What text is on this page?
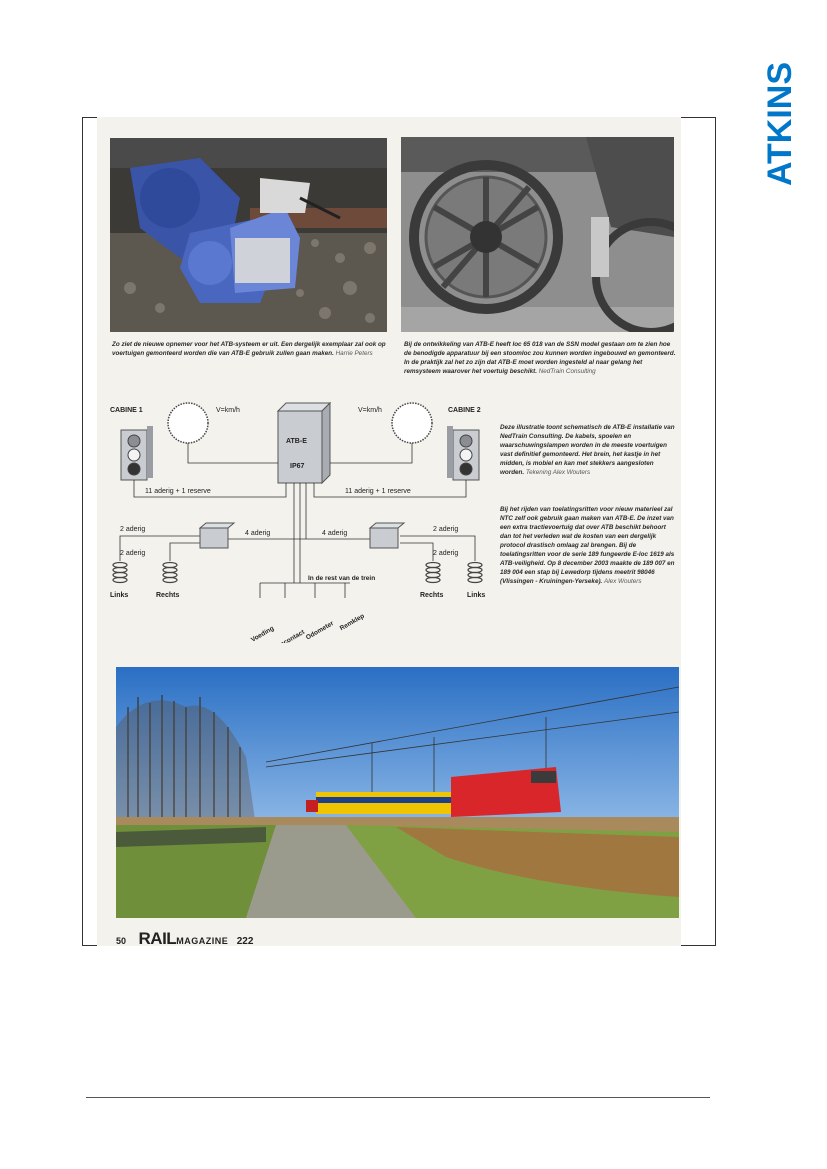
ATKINS

Zo ziet de nieuwe opnemer voor het ATB-systeem er uit. Een dergelijk exemplaar zal ook op voertuigen gemonteerd worden die van ATB-E gebruik zullen gaan maken. Harrie Peters

Bij de ontwikkeling van ATB-E heeft loc 65 018 van de SSN model gestaan om te zien hoe de benodigde apparatuur bij een stoomloc zou kunnen worden ingebouwd en gemonteerd. In de praktijk zal het zo zijn dat ATB-E moet worden ingesteld al naar gelang het remsysteem waarover het voertuig beschikt. NedTrain Consulting

CABINE 1	V=km/h
ATB-E
IP67
V=km/h	CABINE 2
11 aderig + 1 reserve	11 aderig + 1 reserve
2 aderig
2 aderig
4 aderig	4 aderig
2 aderig
2 aderig
Links	Rechts	Rechts	Links
In de rest van de trein
Voeding
Remcontact
Odometer Remklep

Deze illustratie toont schematisch de ATB-E installatie van NedTrain Consulting. De kabels, spoelen en waarschuwingslampen worden in de meeste voertuigen vast definitief gemonteerd. Het brein, het kastje in het midden, is mobiel en kan met stekkers aangesloten worden. Tekening Alex Wouters

Bij het rijden van toelatingsritten voor nieuw materieel zal NTC zelf ook gebruik gaan maken van ATB-E. De inzet van een extra tractievoertuig dat over ATB beschikt behoort dan tot het verleden wat de kosten van een dergelijk protocol drastisch omlaag zal brengen. Bij de toelatingsritten voor de serie 189 fungeerde E-loc 1619 als ATB-veiligheid. Op 8 december 2003 maakte de 189 007 en 189 004 een stap bij Lewedorp tijdens meetrit 98046 (Vlissingen - Kruiningen-Yerseke). Alex Wouters

50 RAILMAGAZINE 222
